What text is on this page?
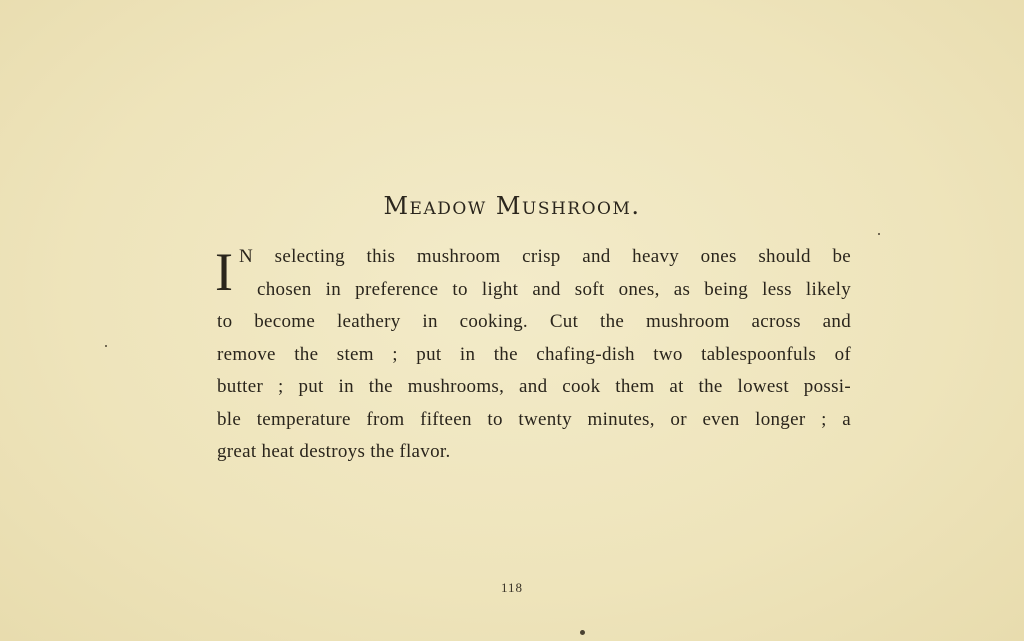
Meadow Mushroom.
I N selecting this mushroom crisp and heavy ones should be
chosen in preference to light and soft ones, as being less likely
to become leathery in cooking. Cut the mushroom across and
remove the stem ; put in the chafing-dish two tablespoonfuls of
butter ; put in the mushrooms, and cook them at the lowest possi-
ble temperature from fifteen to twenty minutes, or even longer ; a
great heat destroys the flavor.
118
